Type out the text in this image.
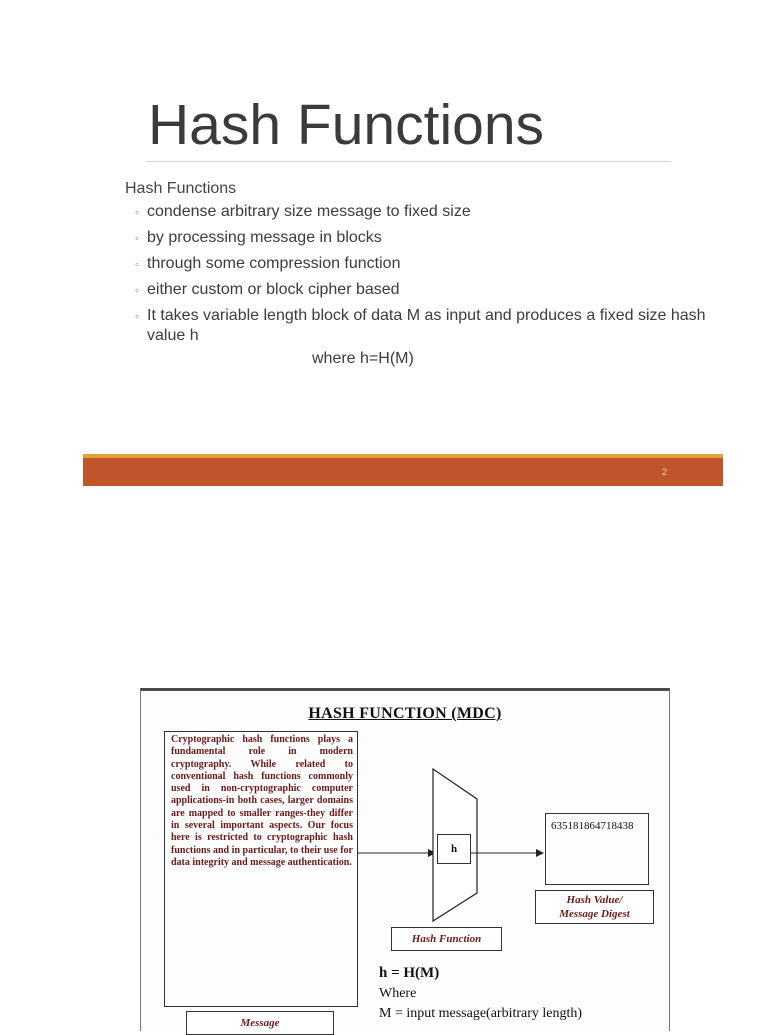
Hash Functions
Hash Functions
◦ condense arbitrary size message to fixed size
◦ by processing message in blocks
◦ through some compression function
◦ either custom or block cipher based
◦ It takes variable length block of data M as input and produces a fixed size hash value h
where h=H(M)
2
HASH FUNCTION (MDC)
Cryptographic hash functions plays a fundamental role in modern cryptography. While related to conventional hash functions commonly used in non-cryptographic computer applications-in both cases, larger domains are mapped to smaller ranges-they differ in several important aspects. Our focus here is restricted to cryptographic hash functions and in particular, to their use for data integrity and message authentication.
h
635181864718438
Hash Value/
Message Digest
Hash Function
h = H(M)
Where
M = input message(arbitrary length)
Message
